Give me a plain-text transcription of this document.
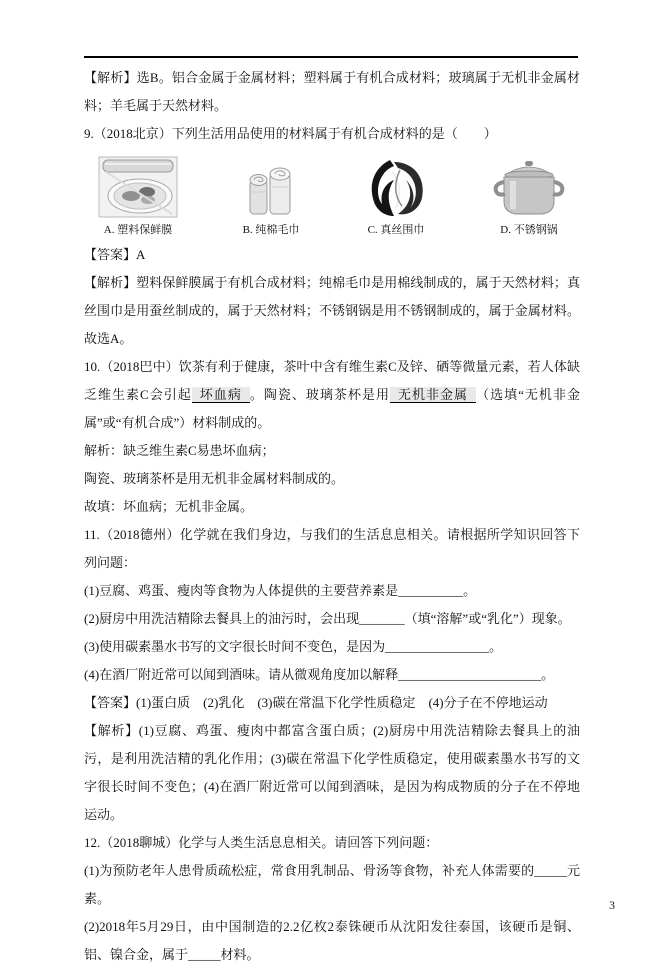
【解析】选B。铝合金属于金属材料；塑料属于有机合成材料；玻璃属于无机非金属材料；羊毛属于天然材料。

9.（2018北京）下列生活用品使用的材料属于有机合成材料的是（　　）

A. 塑料保鲜膜	B. 纯棉毛巾	C. 真丝围巾	D. 不锈钢锅

【答案】A

【解析】塑料保鲜膜属于有机合成材料；纯棉毛巾是用棉线制成的，属于天然材料；真丝围巾是用蚕丝制成的，属于天然材料；不锈钢锅是用不锈钢制成的，属于金属材料。故选A。

10.（2018巴中）饮茶有利于健康，茶叶中含有维生素C及锌、硒等微量元素，若人体缺乏维生素C会引起 坏血病 。陶瓷、玻璃茶杯是用 无机非金属 （选填“无机非金属”或“有机合成”）材料制成的。

解析：缺乏维生素C易患坏血病；

陶瓷、玻璃茶杯是用无机非金属材料制成的。

故填：坏血病；无机非金属。

11.（2018德州）化学就在我们身边，与我们的生活息息相关。请根据所学知识回答下列问题：

(1)豆腐、鸡蛋、瘦肉等食物为人体提供的主要营养素是__________。

(2)厨房中用洗洁精除去餐具上的油污时，会出现_______（填“溶解”或“乳化”）现象。

(3)使用碳素墨水书写的文字很长时间不变色，是因为________________。

(4)在酒厂附近常可以闻到酒味。请从微观角度加以解释______________________。

【答案】(1)蛋白质　(2)乳化　(3)碳在常温下化学性质稳定　(4)分子在不停地运动

【解析】(1)豆腐、鸡蛋、瘦肉中都富含蛋白质；(2)厨房中用洗洁精除去餐具上的油污，是利用洗洁精的乳化作用；(3)碳在常温下化学性质稳定，使用碳素墨水书写的文字很长时间不变色；(4)在酒厂附近常可以闻到酒味，是因为构成物质的分子在不停地运动。

12.（2018聊城）化学与人类生活息息相关。请回答下列问题：

(1)为预防老年人患骨质疏松症，常食用乳制品、骨汤等食物，补充人体需要的_____元素。

(2)2018年5月29日，由中国制造的2.2亿枚2泰铢硬币从沈阳发往泰国，该硬币是铜、铝、镍合金，属于_____材料。

3
